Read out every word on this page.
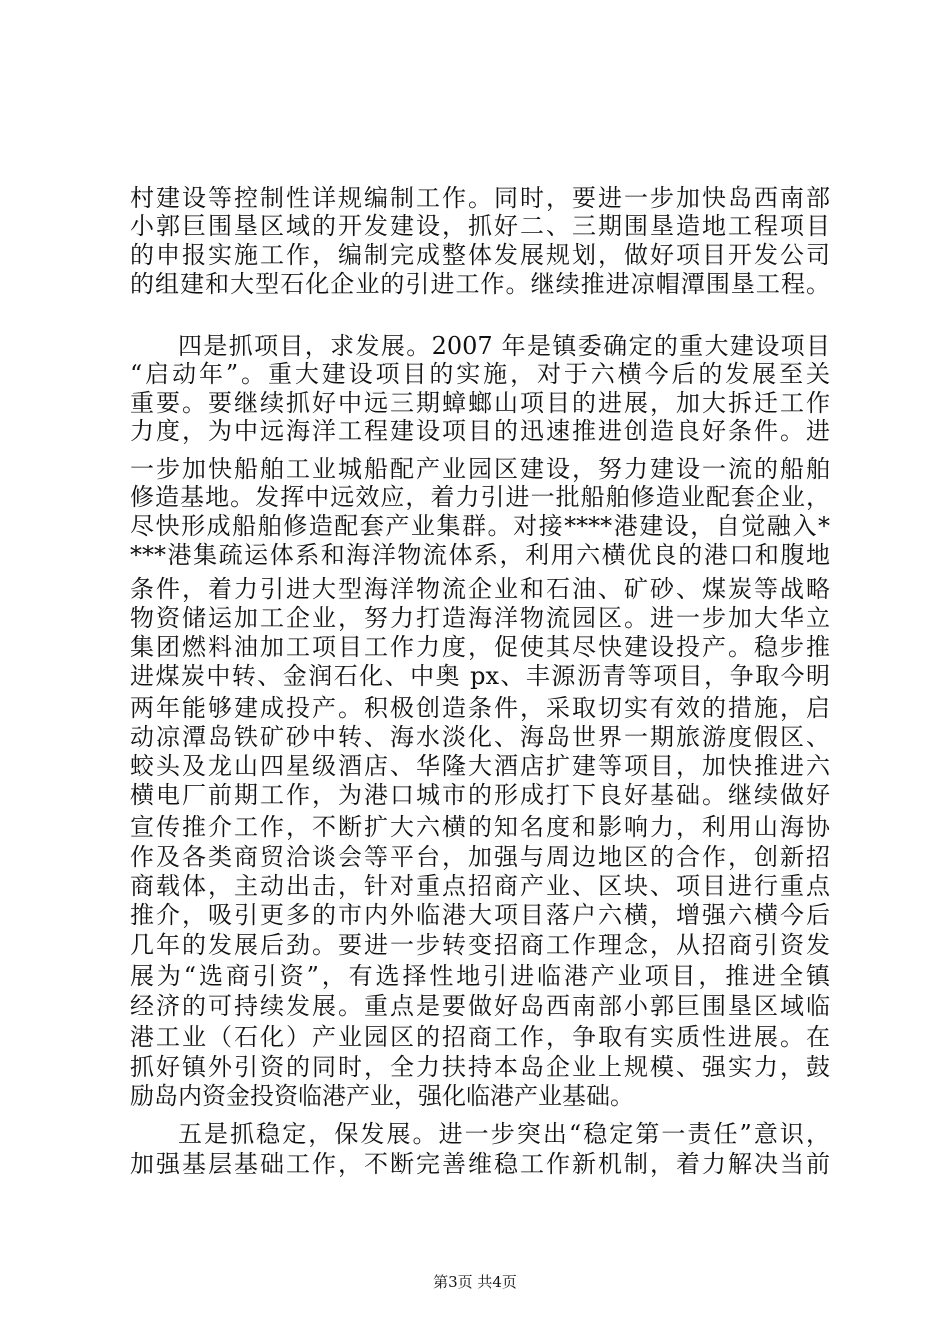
村建设等控制性详规编制工作。同时，要进一步加快岛西南部
小郭巨围垦区域的开发建设，抓好二、三期围垦造地工程项目
的申报实施工作，编制完成整体发展规划，做好项目开发公司
的组建和大型石化企业的引进工作。继续推进凉帽潭围垦工程。
四是抓项目，求发展。2007 年是镇委确定的重大建设项目
“启动年”。重大建设项目的实施，对于六横今后的发展至关
重要。要继续抓好中远三期蟑螂山项目的进展，加大拆迁工作
力度，为中远海洋工程建设项目的迅速推进创造良好条件。进
一步加快船舶工业城船配产业园区建设，努力建设一流的船舶
修造基地。发挥中远效应，着力引进一批船舶修造业配套企业，
尽快形成船舶修造配套产业集群。对接****港建设，自觉融入*
***港集疏运体系和海洋物流体系，利用六横优良的港口和腹地
条件，着力引进大型海洋物流企业和石油、矿砂、煤炭等战略
物资储运加工企业，努力打造海洋物流园区。进一步加大华立
集团燃料油加工项目工作力度，促使其尽快建设投产。稳步推
进煤炭中转、金润石化、中奥 px、丰源沥青等项目，争取今明
两年能够建成投产。积极创造条件，采取切实有效的措施，启
动凉潭岛铁矿砂中转、海水淡化、海岛世界一期旅游度假区、
蛟头及龙山四星级酒店、华隆大酒店扩建等项目，加快推进六
横电厂前期工作，为港口城市的形成打下良好基础。继续做好
宣传推介工作，不断扩大六横的知名度和影响力，利用山海协
作及各类商贸洽谈会等平台，加强与周边地区的合作，创新招
商载体，主动出击，针对重点招商产业、区块、项目进行重点
推介，吸引更多的市内外临港大项目落户六横，增强六横今后
几年的发展后劲。要进一步转变招商工作理念，从招商引资发
展为“选商引资”，有选择性地引进临港产业项目，推进全镇
经济的可持续发展。重点是要做好岛西南部小郭巨围垦区域临
港工业（石化）产业园区的招商工作，争取有实质性进展。在
抓好镇外引资的同时，全力扶持本岛企业上规模、强实力，鼓
励岛内资金投资临港产业，强化临港产业基础。
五是抓稳定，保发展。进一步突出“稳定第一责任”意识，
加强基层基础工作，不断完善维稳工作新机制，着力解决当前
第3页 共4页
